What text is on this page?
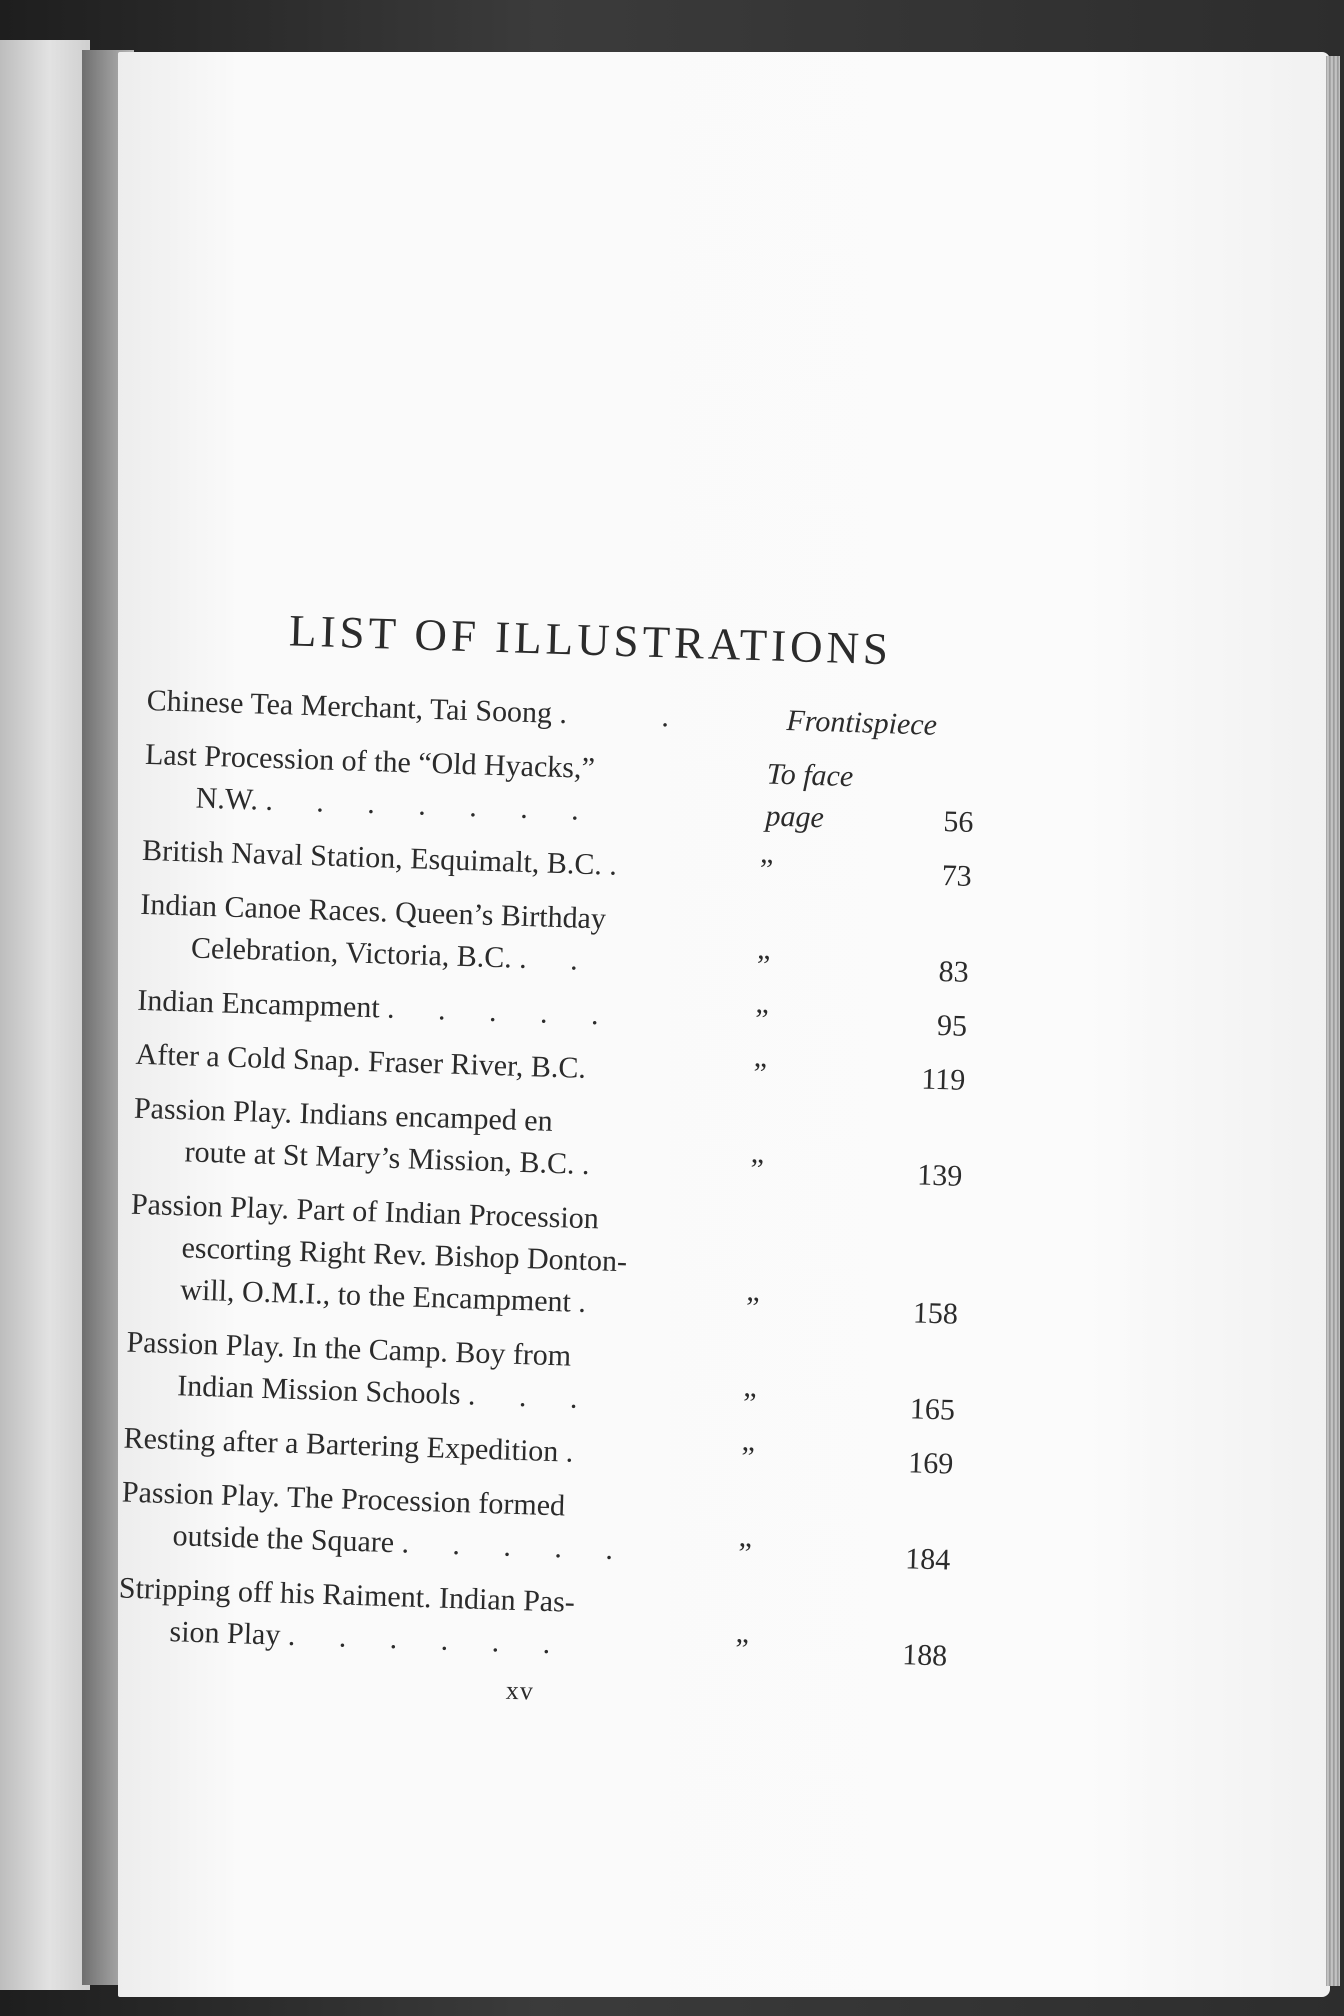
LIST OF ILLUSTRATIONS
Chinese Tea Merchant, Tai Soong .   .	Frontispiece
Last Procession of the “Old Hyacks,”
N.W. . . . . . . .
To face page	56
British Naval Station, Esquimalt, B.C. .	”	73
Indian Canoe Races. Queen’s Birthday
Celebration, Victoria, B.C. . .	”	83
Indian Encampment . . . . .	”	95
After a Cold Snap. Fraser River, B.C.	”	119
Passion Play. Indians encamped en
route at St Mary’s Mission, B.C. .	”	139
Passion Play. Part of Indian Procession
escorting Right Rev. Bishop Donton-
will, O.M.I., to the Encampment .	”	158
Passion Play. In the Camp. Boy from
Indian Mission Schools . . .	”	165
Resting after a Bartering Expedition .	”	169
Passion Play. The Procession formed
outside the Square . . . . .	”	184
Stripping off his Raiment. Indian Pas-
sion Play . . . . . .	”	188
xv
